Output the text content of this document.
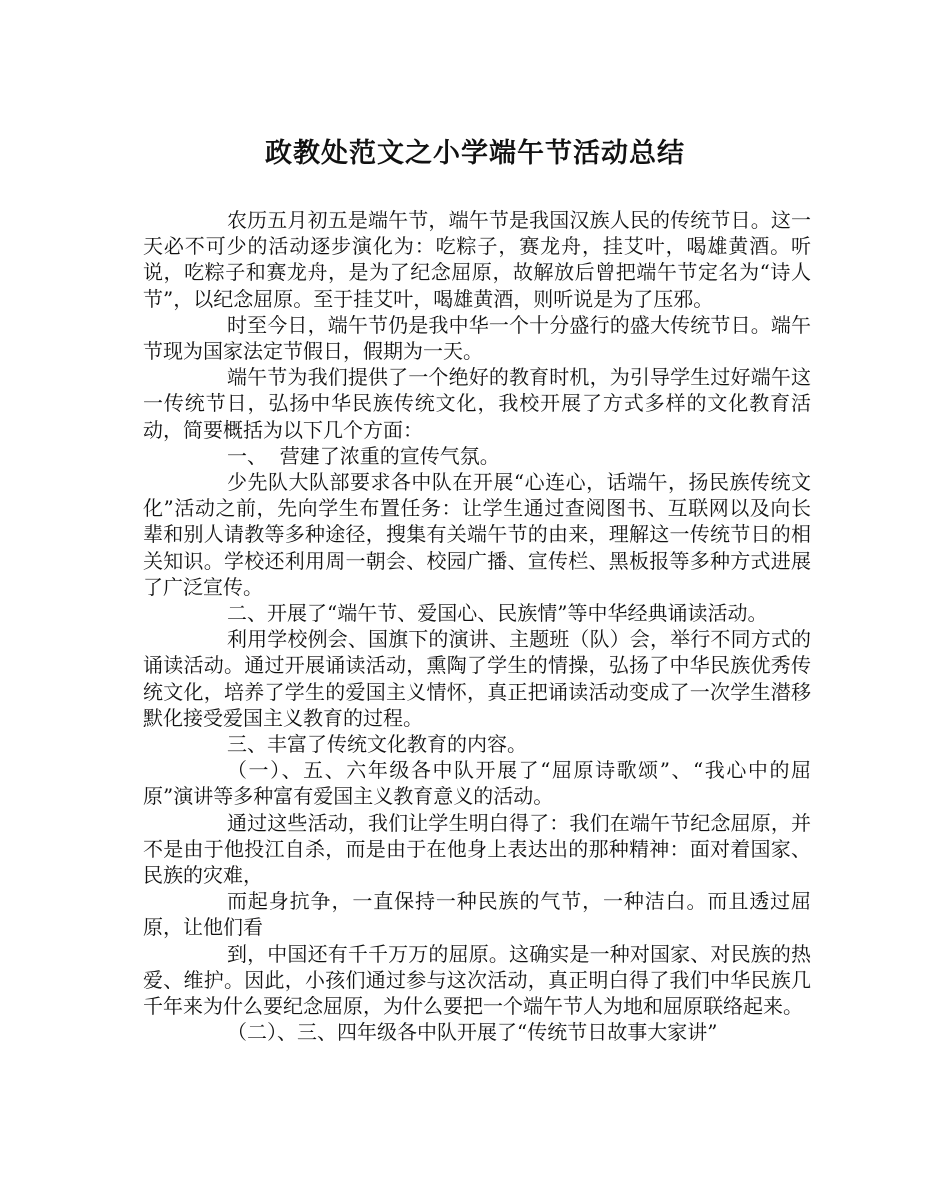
政教处范文之小学端午节活动总结

农历五月初五是端午节，端午节是我国汉族人民的传统节日。这一天必不可少的活动逐步演化为：吃粽子，赛龙舟，挂艾叶，喝雄黄酒。听说，吃粽子和赛龙舟，是为了纪念屈原，故解放后曾把端午节定名为“诗人节”，以纪念屈原。至于挂艾叶，喝雄黄酒，则听说是为了压邪。

时至今日，端午节仍是我中华一个十分盛行的盛大传统节日。端午节现为国家法定节假日，假期为一天。

端午节为我们提供了一个绝好的教育时机，为引导学生过好端午这一传统节日，弘扬中华民族传统文化，我校开展了方式多样的文化教育活动，简要概括为以下几个方面：

一、  营建了浓重的宣传气氛。

少先队大队部要求各中队在开展“心连心，话端午，扬民族传统文化”活动之前，先向学生布置任务：让学生通过查阅图书、互联网以及向长辈和别人请教等多种途径，搜集有关端午节的由来，理解这一传统节日的相关知识。学校还利用周一朝会、校园广播、宣传栏、黑板报等多种方式进展了广泛宣传。

二、开展了“端午节、爱国心、民族情”等中华经典诵读活动。

利用学校例会、国旗下的演讲、主题班（队）会，举行不同方式的诵读活动。通过开展诵读活动，熏陶了学生的情操，弘扬了中华民族优秀传统文化，培养了学生的爱国主义情怀，真正把诵读活动变成了一次学生潜移默化接受爱国主义教育的过程。

三、丰富了传统文化教育的内容。

（一）、五、六年级各中队开展了“屈原诗歌颂”、“我心中的屈原”演讲等多种富有爱国主义教育意义的活动。

通过这些活动，我们让学生明白得了：我们在端午节纪念屈原，并不是由于他投江自杀，而是由于在他身上表达出的那种精神：面对着国家、民族的灾难，

而起身抗争，一直保持一种民族的气节，一种洁白。而且透过屈原，让他们看

到，中国还有千千万万的屈原。这确实是一种对国家、对民族的热爱、维护。因此，小孩们通过参与这次活动，真正明白得了我们中华民族几千年来为什么要纪念屈原，为什么要把一个端午节人为地和屈原联络起来。

（二）、三、四年级各中队开展了“传统节日故事大家讲”
